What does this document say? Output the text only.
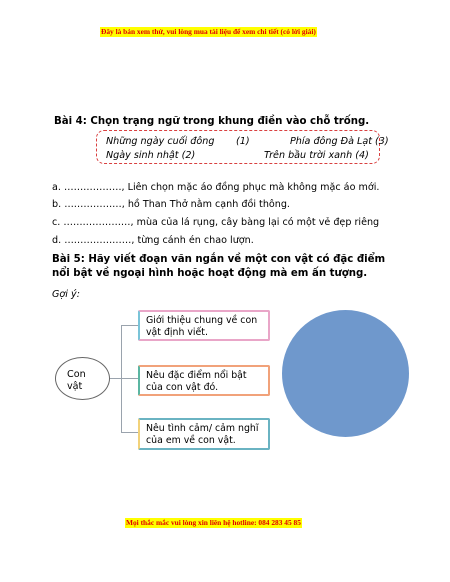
Đây là bản xem thử, vui lòng mua tài liệu để xem chi tiết (có lời giải)
Bài 4: Chọn trạng ngữ trong khung điền vào chỗ trống.
Những ngày cuối đông (1)	Phía đông Đà Lạt (3)
Ngày sinh nhật (2)	Trên bầu trời xanh (4)
a. ………………, Liên chọn mặc áo đồng phục mà không mặc áo mới.
b. ………………, hồ Than Thở nằm cạnh đồi thông.
c. …………………, mùa của lá rụng, cây bàng lại có một vẻ đẹp riêng
d. …………………, từng cánh én chao lượn.
Bài 5: Hãy viết đoạn văn ngắn về một con vật có đặc điểm
nổi bật về ngoại hình hoặc hoạt động mà em ấn tượng.
Gợi ý:
Con vật
Giới thiệu chung về con vật định viết.
Nêu đặc điểm nổi bật của con vật đó.
Nêu tình cảm/ cảm nghĩ của em về con vật.
Mọi thắc mắc vui lòng xin liên hệ hotline: 084 283 45 85
